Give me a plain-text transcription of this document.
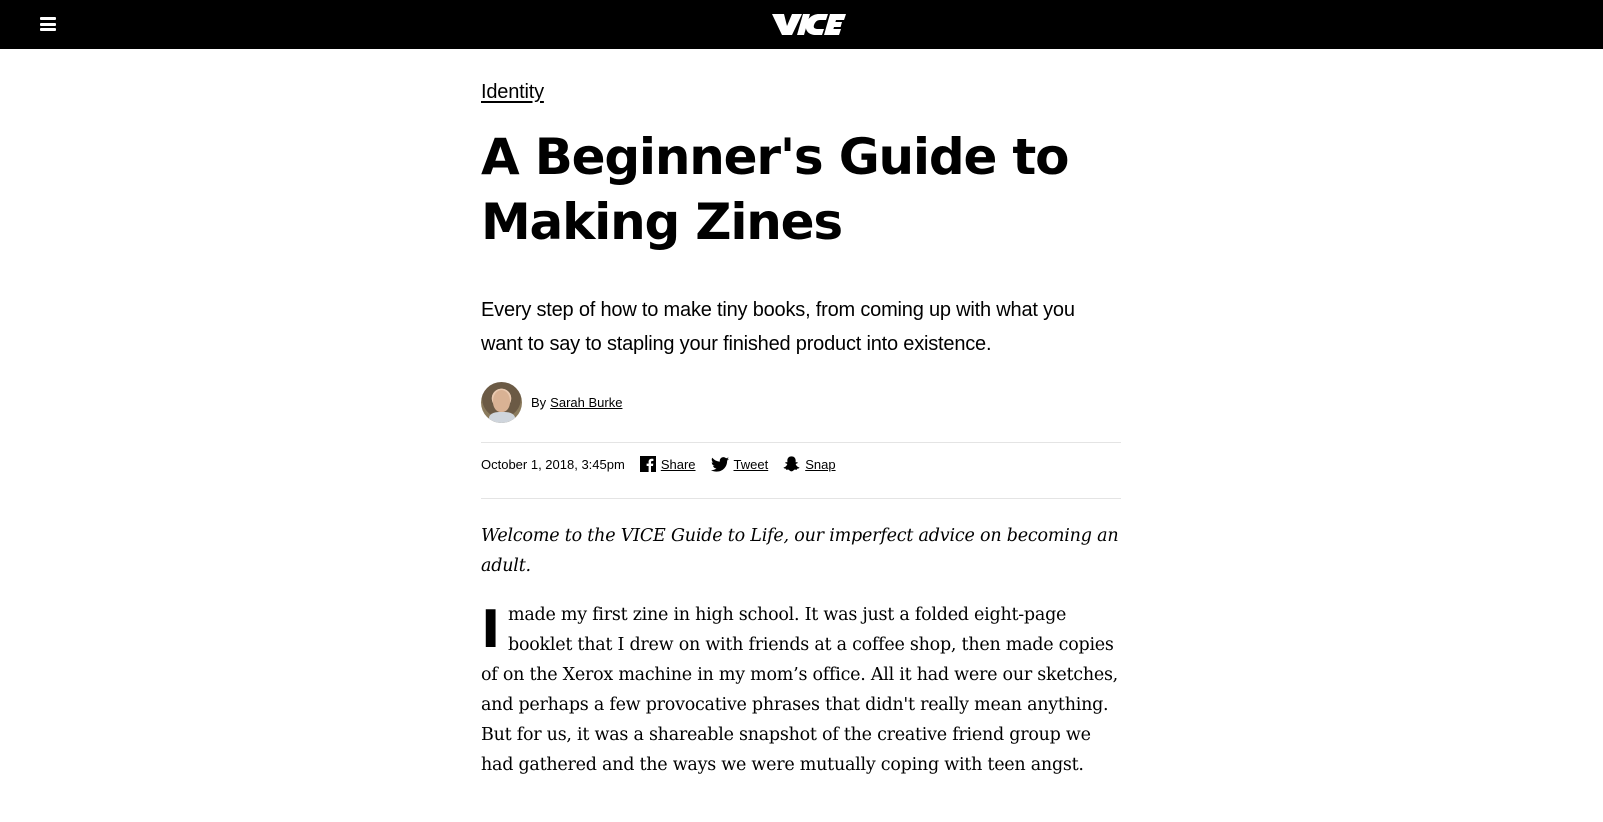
Identity
A Beginner's Guide to Making Zines
Every step of how to make tiny books, from coming up with what you want to say to stapling your finished product into existence.
By Sarah Burke
October 1, 2018, 3:45pm	Share	Tweet	Snap
Welcome to the VICE Guide to Life, our imperfect advice on becoming an adult.
I made my first zine in high school. It was just a folded eight-page booklet that I drew on with friends at a coffee shop, then made copies of on the Xerox machine in my mom’s office. All it had were our sketches, and perhaps a few provocative phrases that didn't really mean anything. But for us, it was a shareable snapshot of the creative friend group we had gathered and the ways we were mutually coping with teen angst.
